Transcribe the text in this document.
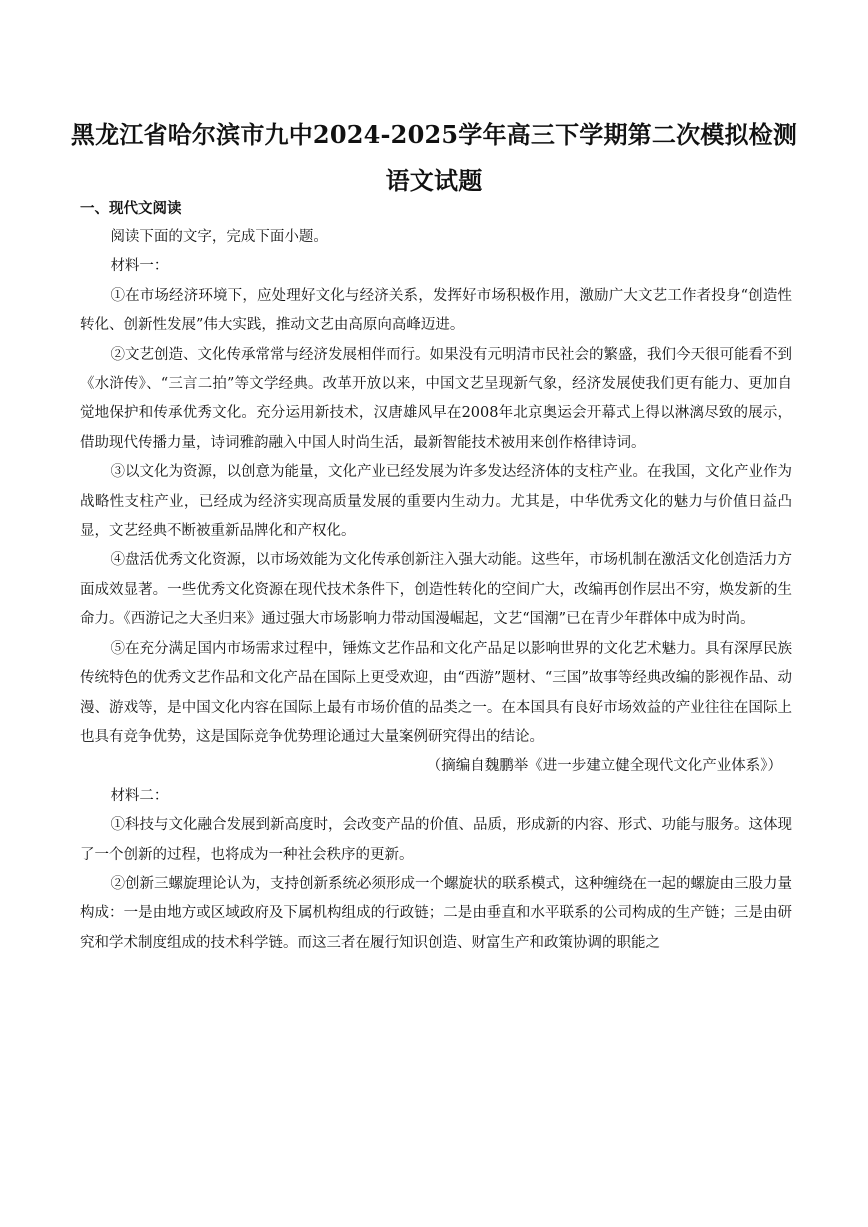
黑龙江省哈尔滨市九中2024-2025学年高三下学期第二次模拟检测语文试题
一、现代文阅读

阅读下面的文字，完成下面小题。

材料一：

①在市场经济环境下，应处理好文化与经济关系，发挥好市场积极作用，激励广大文艺工作者投身“创造性转化、创新性发展”伟大实践，推动文艺由高原向高峰迈进。

②文艺创造、文化传承常常与经济发展相伴而行。如果没有元明清市民社会的繁盛，我们今天很可能看不到《水浒传》、“三言二拍”等文学经典。改革开放以来，中国文艺呈现新气象，经济发展使我们更有能力、更加自觉地保护和传承优秀文化。充分运用新技术，汉唐雄风早在2008年北京奥运会开幕式上得以淋漓尽致的展示，借助现代传播力量，诗词雅韵融入中国人时尚生活，最新智能技术被用来创作格律诗词。

③以文化为资源，以创意为能量，文化产业已经发展为许多发达经济体的支柱产业。在我国，文化产业作为战略性支柱产业，已经成为经济实现高质量发展的重要内生动力。尤其是，中华优秀文化的魅力与价值日益凸显，文艺经典不断被重新品牌化和产权化。

④盘活优秀文化资源，以市场效能为文化传承创新注入强大动能。这些年，市场机制在激活文化创造活力方面成效显著。一些优秀文化资源在现代技术条件下，创造性转化的空间广大，改编再创作层出不穷，焕发新的生命力。《西游记之大圣归来》通过强大市场影响力带动国漫崛起，文艺“国潮”已在青少年群体中成为时尚。

⑤在充分满足国内市场需求过程中，锤炼文艺作品和文化产品足以影响世界的文化艺术魅力。具有深厚民族传统特色的优秀文艺作品和文化产品在国际上更受欢迎，由“西游”题材、“三国”故事等经典改编的影视作品、动漫、游戏等，是中国文化内容在国际上最有市场价值的品类之一。在本国具有良好市场效益的产业往往在国际上也具有竞争优势，这是国际竞争优势理论通过大量案例研究得出的结论。

（摘编自魏鹏举《进一步建立健全现代文化产业体系》）

材料二：

①科技与文化融合发展到新高度时，会改变产品的价值、品质，形成新的内容、形式、功能与服务。这体现了一个创新的过程，也将成为一种社会秩序的更新。

②创新三螺旋理论认为，支持创新系统必须形成一个螺旋状的联系模式，这种缠绕在一起的螺旋由三股力量构成：一是由地方或区域政府及下属机构组成的行政链；二是由垂直和水平联系的公司构成的生产链；三是由研究和学术制度组成的技术科学链。而这三者在履行知识创造、财富生产和政策协调的职能之
